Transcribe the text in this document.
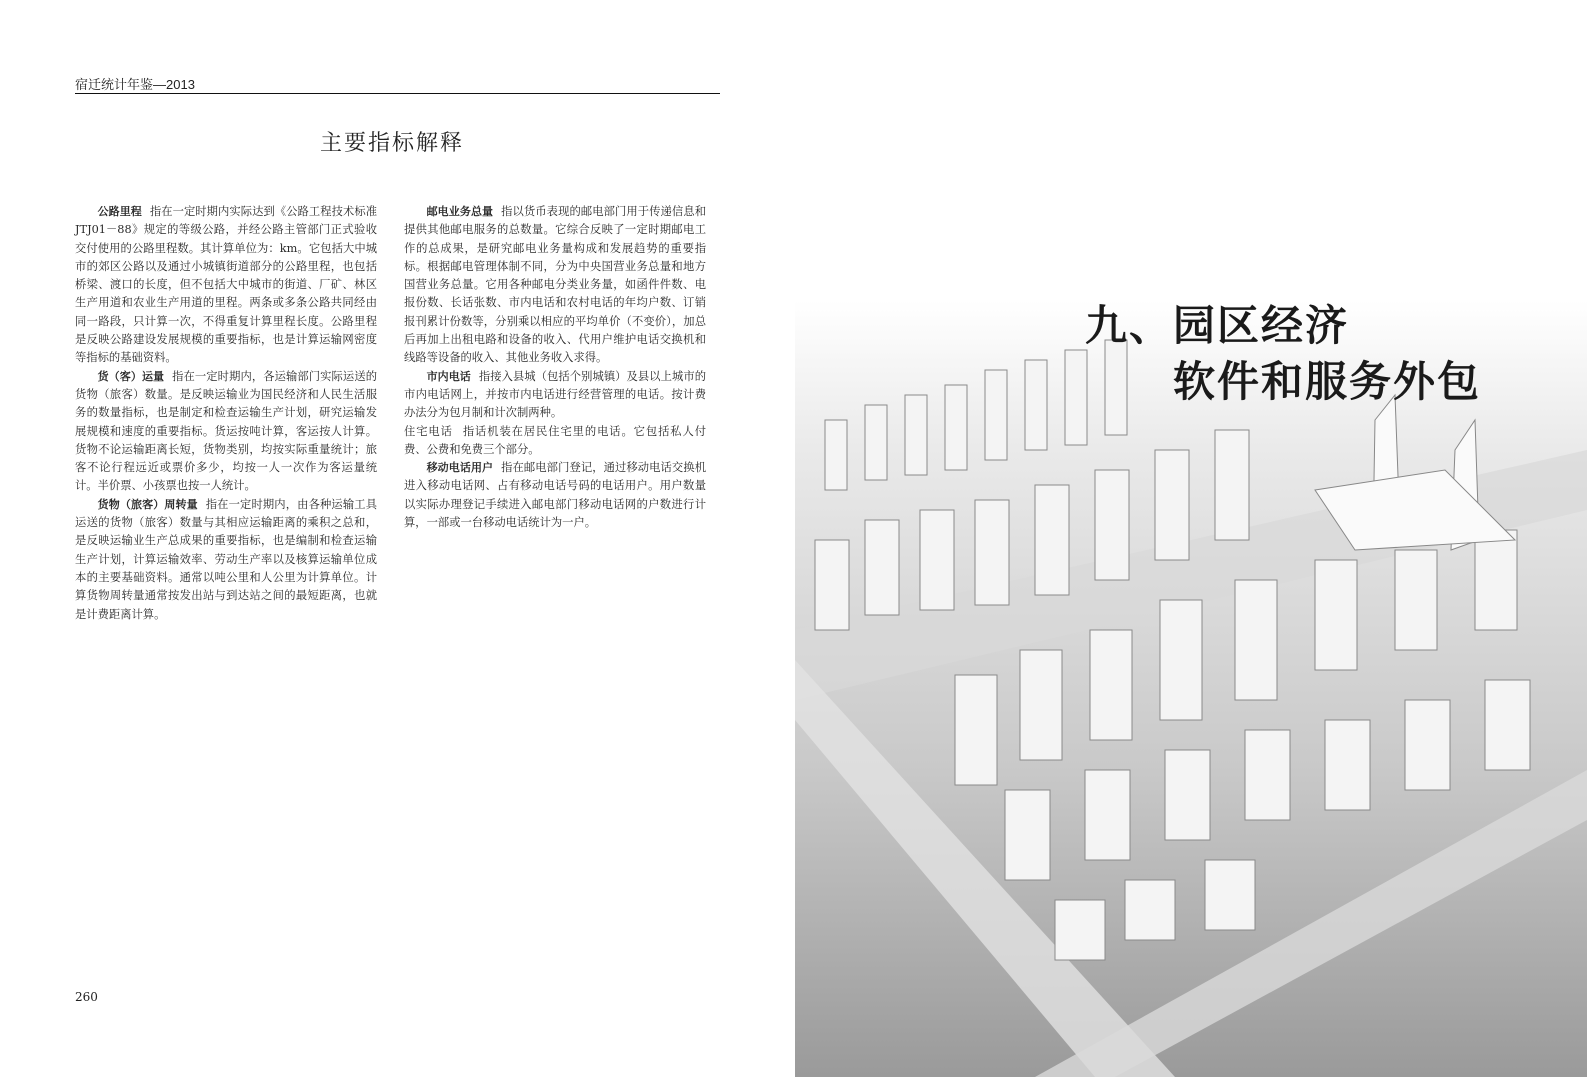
宿迁统计年鉴—2013
主要指标解释

公路里程 指在一定时期内实际达到《公路工程技术标准JTJ01－88》规定的等级公路，并经公路主管部门正式验收交付使用的公路里程数。其计算单位为：km。它包括大中城市的郊区公路以及通过小城镇街道部分的公路里程，也包括桥梁、渡口的长度，但不包括大中城市的街道、厂矿、林区生产用道和农业生产用道的里程。两条或多条公路共同经由同一路段，只计算一次，不得重复计算里程长度。公路里程是反映公路建设发展规模的重要指标，也是计算运输网密度等指标的基础资料。

货（客）运量 指在一定时期内，各运输部门实际运送的货物（旅客）数量。是反映运输业为国民经济和人民生活服务的数量指标，也是制定和检查运输生产计划，研究运输发展规模和速度的重要指标。货运按吨计算，客运按人计算。货物不论运输距离长短，货物类别，均按实际重量统计；旅客不论行程远近或票价多少，均按一人一次作为客运量统计。半价票、小孩票也按一人统计。

货物（旅客）周转量 指在一定时期内，由各种运输工具运送的货物（旅客）数量与其相应运输距离的乘积之总和，是反映运输业生产总成果的重要指标，也是编制和检查运输生产计划，计算运输效率、劳动生产率以及核算运输单位成本的主要基础资料。通常以吨公里和人公里为计算单位。计算货物周转量通常按发出站与到达站之间的最短距离，也就是计费距离计算。

邮电业务总量 指以货币表现的邮电部门用于传递信息和提供其他邮电服务的总数量。它综合反映了一定时期邮电工作的总成果，是研究邮电业务量构成和发展趋势的重要指标。根据邮电管理体制不同，分为中央国营业务总量和地方国营业务总量。它用各种邮电分类业务量，如函件件数、电报份数、长话张数、市内电话和农村电话的年均户数、订销报刊累计份数等，分别乘以相应的平均单价（不变价），加总后再加上出租电路和设备的收入、代用户维护电话交换机和线路等设备的收入、其他业务收入求得。

市内电话 指接入县城（包括个别城镇）及县以上城市的市内电话网上，并按市内电话进行经营管理的电话。按计费办法分为包月制和计次制两种。

住宅电话 指话机装在居民住宅里的电话。它包括私人付费、公费和免费三个部分。

移动电话用户 指在邮电部门登记，通过移动电话交换机进入移动电话网、占有移动电话号码的电话用户。用户数量以实际办理登记手续进入邮电部门移动电话网的户数进行计算，一部或一台移动电话统计为一户。

260
九、园区经济
软件和服务外包
